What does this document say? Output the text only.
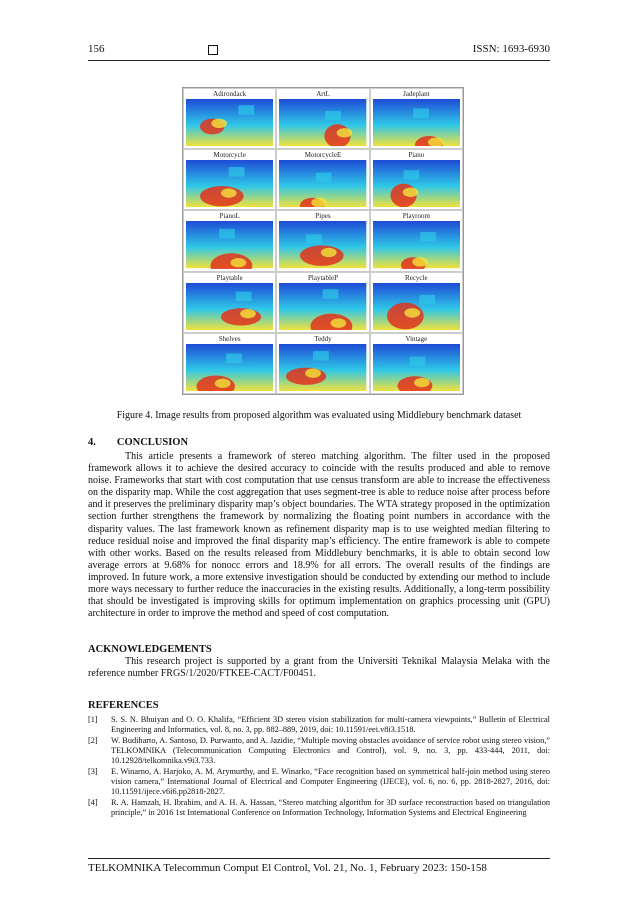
156	ISSN: 1693-6930
Adirondack	ArtL	Jadeplant
Motorcycle	MotorcycleE	Piano
PianoL	Pipes	Playroom
Playtable	PlaytableP	Recycle
Shelves	Teddy	Vintage
Figure 4. Image results from proposed algorithm was evaluated using Middlebury benchmark dataset
4.        CONCLUSION

This article presents a framework of stereo matching algorithm. The filter used in the proposed framework allows it to achieve the desired accuracy to coincide with the results produced and able to remove noise. Frameworks that start with cost computation that use census transform are able to increase the effectiveness on the disparity map. While the cost aggregation that uses segment-tree is able to reduce noise after process before and it preserves the preliminary disparity map’s object boundaries. The WTA strategy proposed in the optimization section further strengthens the framework by normalizing the floating point numbers in accordance with the disparity values. The last framework known as refinement disparity map is to use weighted median filtering to reduce residual noise and improved the final disparity map’s efficiency. The entire framework is able to compete with other works. Based on the results released from Middlebury benchmarks, it is able to obtain second low average errors at 9.68% for nonocc errors and 18.9% for all errors. The overall results of the findings are improved. In future work, a more extensive investigation should be conducted by extending our method to include more ways necessary to further reduce the inaccuracies in the existing results. Additionally, a long-term possibility that should be investigated is improving skills for optimum implementation on graphics processing unit (GPU) architecture in order to improve the method and speed of cost computation.

ACKNOWLEDGEMENTS

This research project is supported by a grant from the Universiti Teknikal Malaysia Melaka with the reference number FRGS/1/2020/FTKEE-CACT/F00451.

REFERENCES
[1] S. S. N. Bhuiyan and O. O. Khalifa, “Efficient 3D stereo vision stabilization for multi-camera viewpoints,” Bulletin of Electrical Engineering and Informatics, vol. 8, no. 3, pp. 882–889, 2019, doi: 10.11591/eei.v8i3.1518.
[2] W. Budiharto, A. Santoso, D. Purwanto, and A. Jazidie, “Multiple moving obstacles avoidance of service robot using stereo vision,” TELKOMNIKA (Telecommunication Computing Electronics and Control), vol. 9, no. 3, pp. 433-444, 2011, doi: 10.12928/telkomnika.v9i3.733.
[3] E. Winarno, A. Harjoko, A. M. Arymurthy, and E. Winarko, “Face recognition based on symmetrical half-join method using stereo vision camera,” International Journal of Electrical and Computer Engineering (IJECE), vol. 6, no. 6, pp. 2818-2827, 2016, doi: 10.11591/ijece.v6i6.pp2818-2827.
[4] R. A. Hamzah, H. Ibrahim, and A. H. A. Hassan, “Stereo matching algorithm for 3D surface reconstruction based on triangulation principle,” in 2016 1st International Conference on Information Technology, Information Systems and Electrical Engineering
TELKOMNIKA Telecommun Comput El Control, Vol. 21, No. 1, February 2023: 150-158
